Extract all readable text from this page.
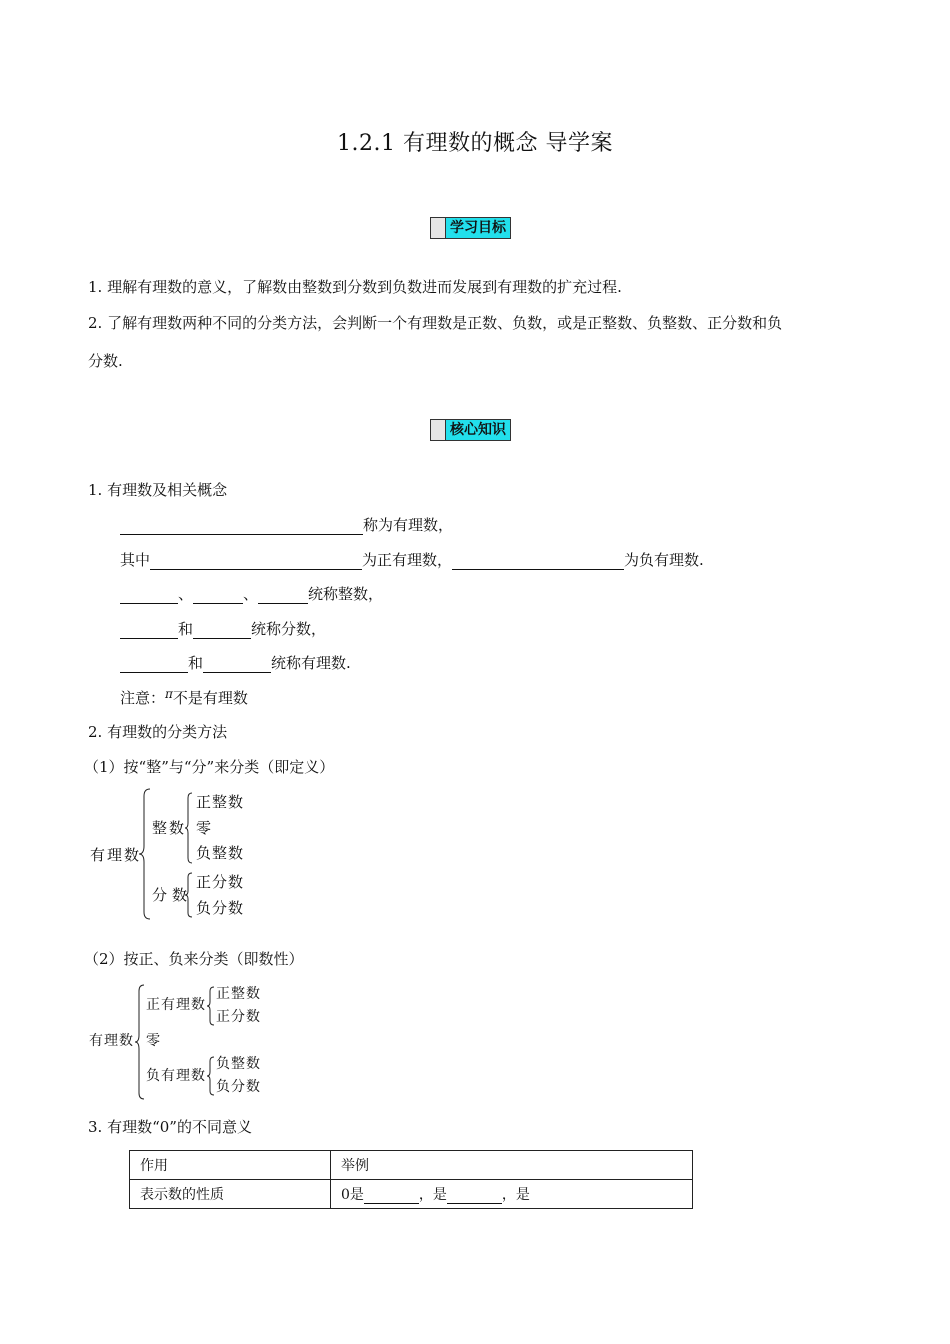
1.2.1 有理数的概念 导学案
学习目标
1. 理解有理数的意义，了解数由整数到分数到负数进而发展到有理数的扩充过程.
2. 了解有理数两种不同的分类方法，会判断一个有理数是正数、负数，或是正整数、负整数、正分数和负
分数.
核心知识
1. 有理数及相关概念
称为有理数，
其中	为正有理数，	为负有理数.
、	、	统称整数，
和	统称分数，
和	统称有理数.
注意：$^\pi$不是有理数
2. 有理数的分类方法
（1）按“整”与“分”来分类（即定义）
有理数
整数
正整数
零
负整数
分数
正分数
负分数
（2）按正、负来分类（即数性）
有理数
正有理数
正整数
正分数
零
负有理数
负整数
负分数
3. 有理数“0”的不同意义
作用	举例
表示数的性质	0是 ，是 ，是
